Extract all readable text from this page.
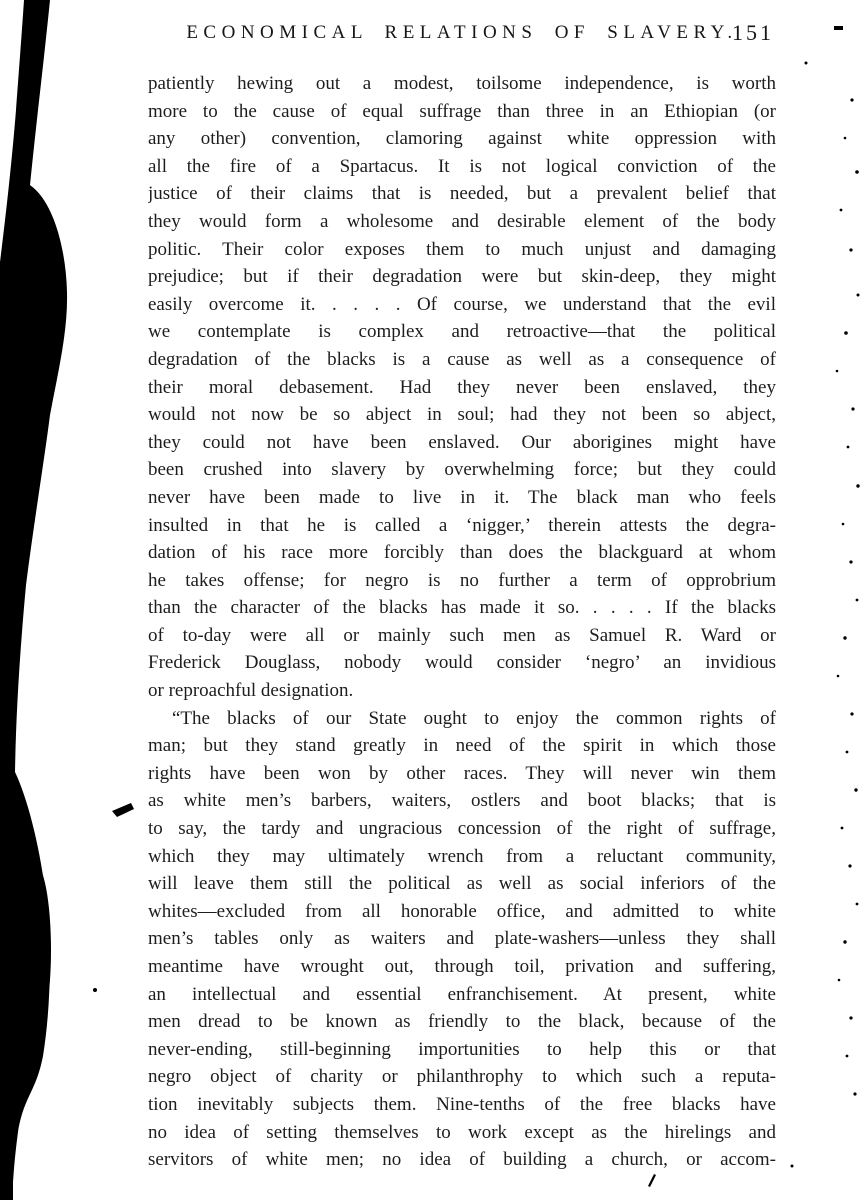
ECONOMICAL RELATIONS OF SLAVERY.
151
patiently hewing out a modest, toilsome independence, is worth
more to the cause of equal suffrage than three in an Ethiopian (or
any other) convention, clamoring against white oppression with
all the fire of a Spartacus. It is not logical conviction of the
justice of their claims that is needed, but a prevalent belief that
they would form a wholesome and desirable element of the body
politic. Their color exposes them to much unjust and damaging
prejudice; but if their degradation were but skin-deep, they might
easily overcome it. . . . . Of course, we understand that the evil
we contemplate is complex and retroactive—that the political
degradation of the blacks is a cause as well as a consequence of
their moral debasement. Had they never been enslaved, they
would not now be so abject in soul; had they not been so abject,
they could not have been enslaved. Our aborigines might have
been crushed into slavery by overwhelming force; but they could
never have been made to live in it. The black man who feels
insulted in that he is called a ‘nigger,’ therein attests the degra-
dation of his race more forcibly than does the blackguard at whom
he takes offense; for negro is no further a term of opprobrium
than the character of the blacks has made it so. . . . . If the blacks
of to-day were all or mainly such men as Samuel R. Ward or
Frederick Douglass, nobody would consider ‘negro’ an invidious
or reproachful designation.
“The blacks of our State ought to enjoy the common rights of
man; but they stand greatly in need of the spirit in which those
rights have been won by other races. They will never win them
as white men’s barbers, waiters, ostlers and boot blacks; that is
to say, the tardy and ungracious concession of the right of suffrage,
which they may ultimately wrench from a reluctant community,
will leave them still the political as well as social inferiors of the
whites—excluded from all honorable office, and admitted to white
men’s tables only as waiters and plate-washers—unless they shall
meantime have wrought out, through toil, privation and suffering,
an intellectual and essential enfranchisement. At present, white
men dread to be known as friendly to the black, because of the
never-ending, still-beginning importunities to help this or that
negro object of charity or philanthrophy to which such a reputa-
tion inevitably subjects them. Nine-tenths of the free blacks have
no idea of setting themselves to work except as the hirelings and
servitors of white men; no idea of building a church, or accom-
